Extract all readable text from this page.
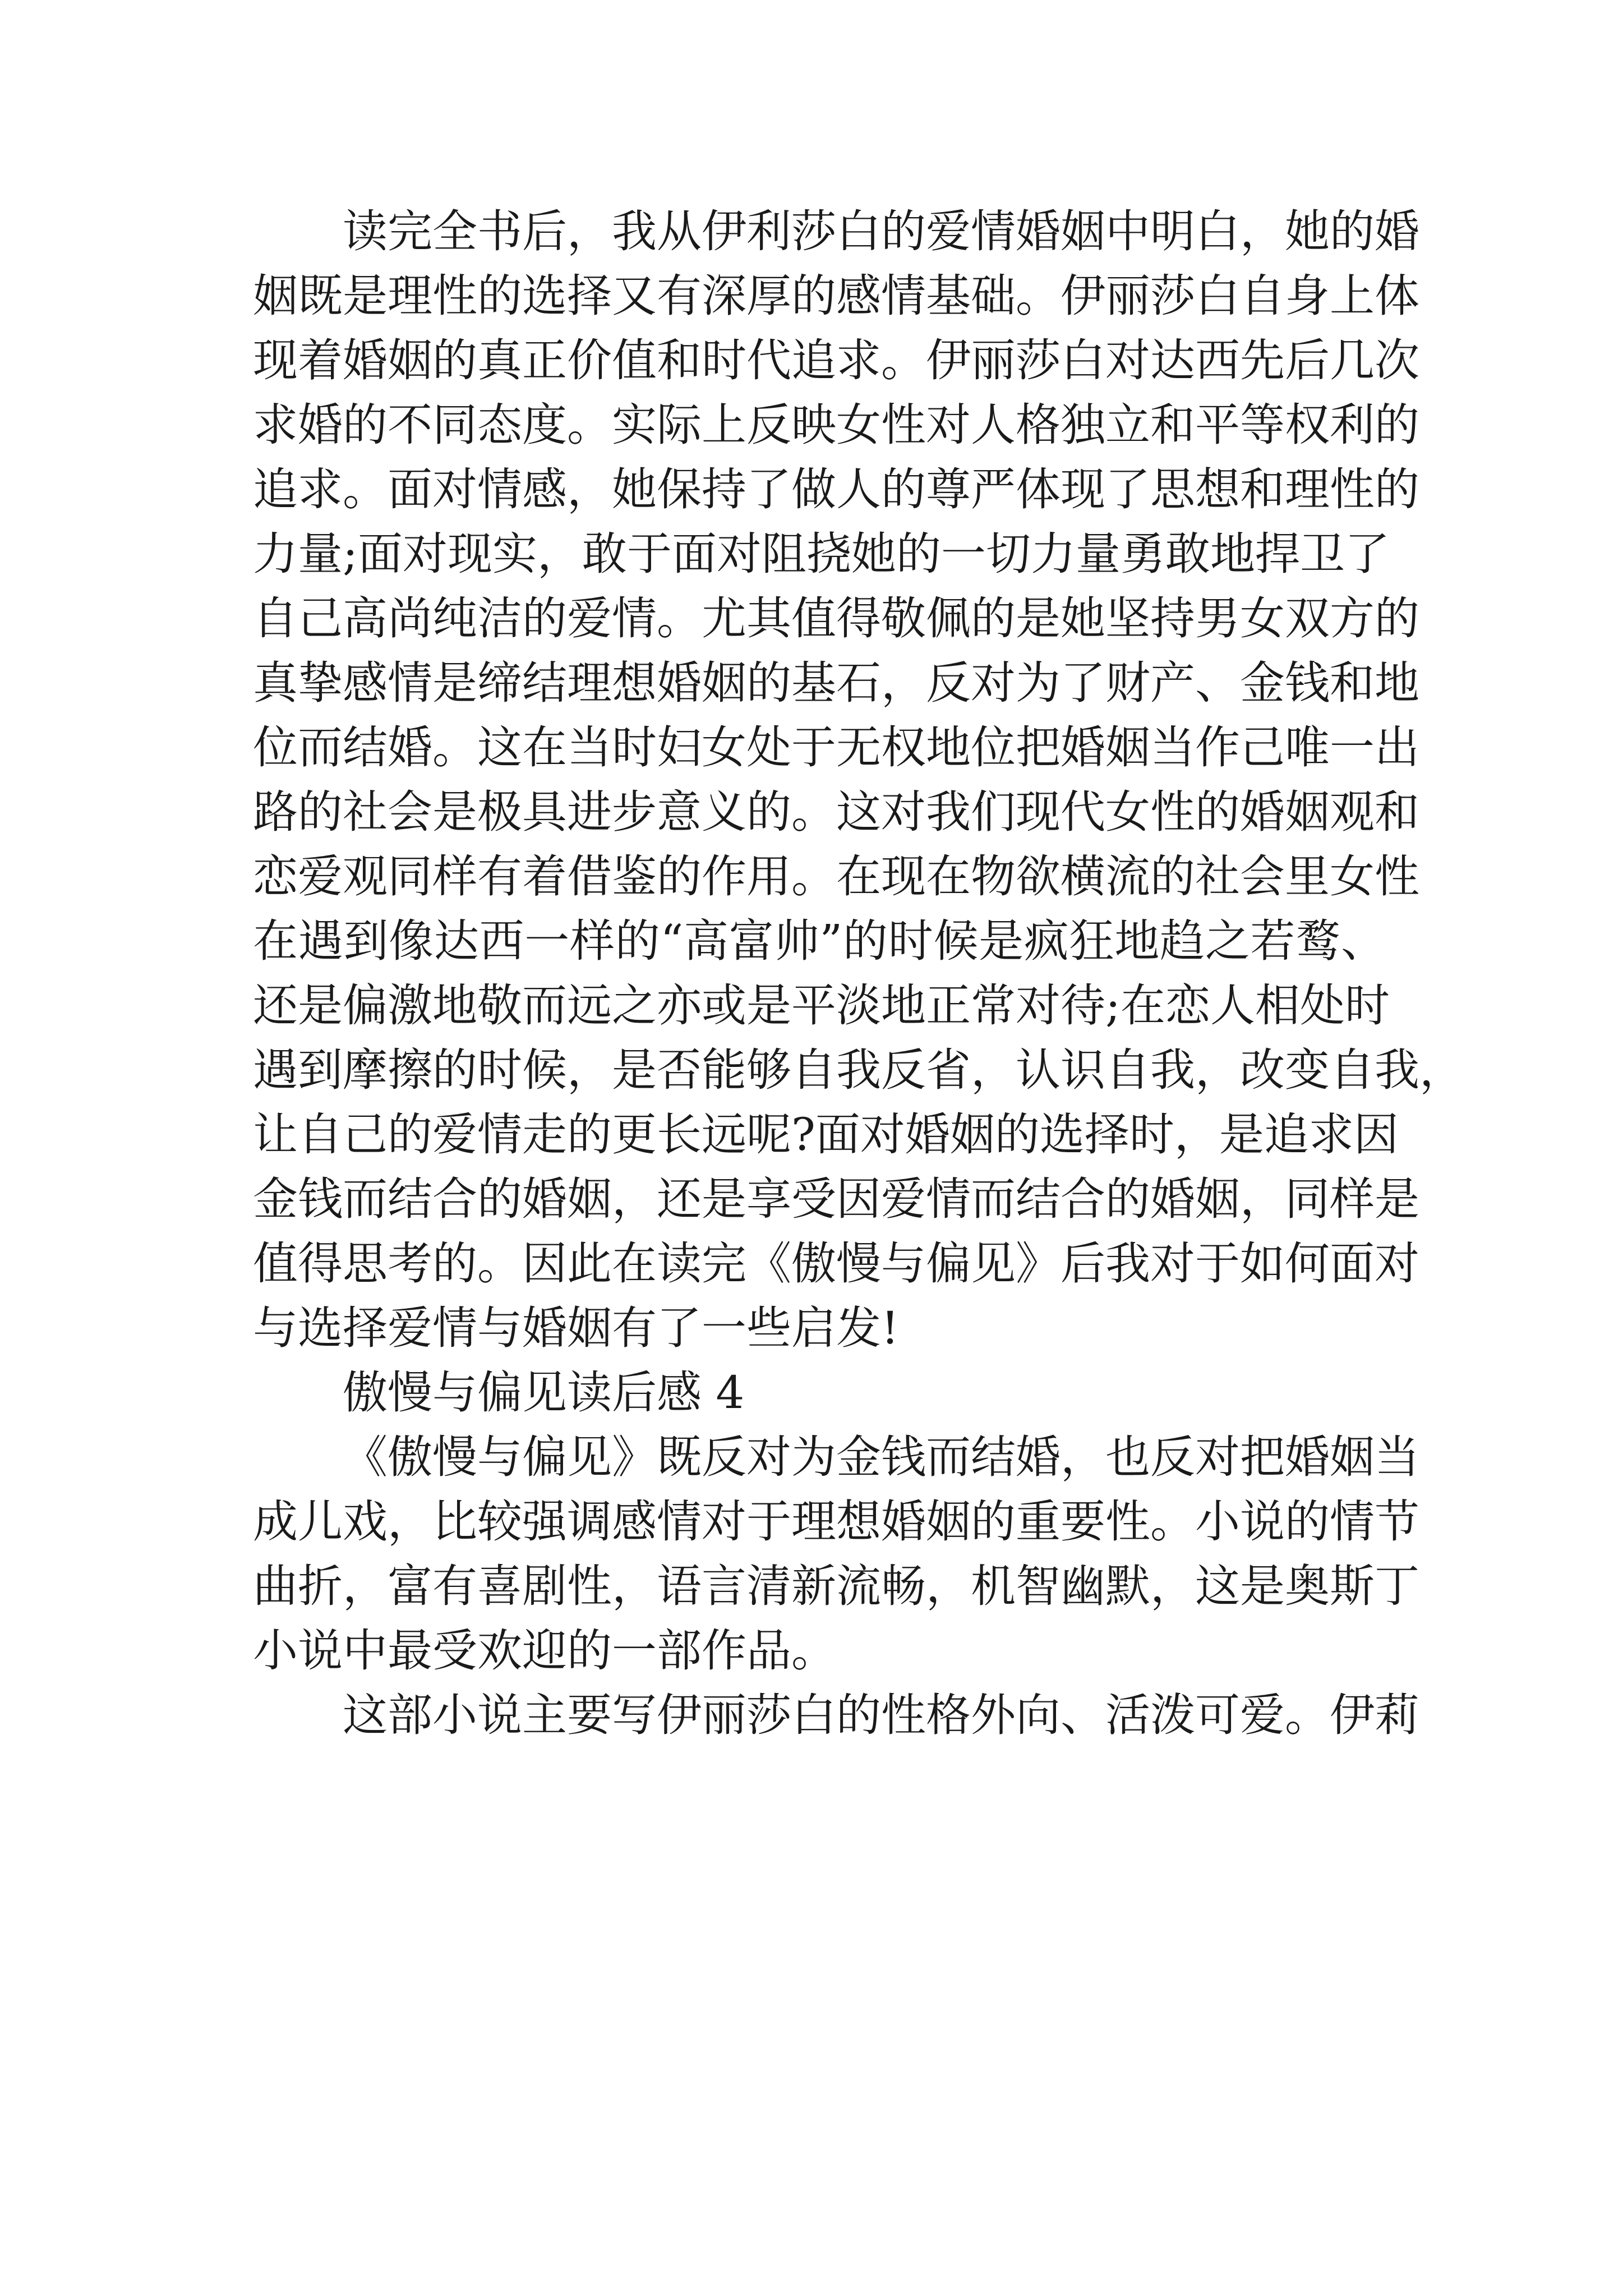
读完全书后，我从伊利莎白的爱情婚姻中明白，她的婚
姻既是理性的选择又有深厚的感情基础。伊丽莎白自身上体
现着婚姻的真正价值和时代追求。伊丽莎白对达西先后几次
求婚的不同态度。实际上反映女性对人格独立和平等权利的
追求。面对情感，她保持了做人的尊严体现了思想和理性的
力量;面对现实，敢于面对阻挠她的一切力量勇敢地捍卫了
自己高尚纯洁的爱情。尤其值得敬佩的是她坚持男女双方的
真挚感情是缔结理想婚姻的基石，反对为了财产、金钱和地
位而结婚。这在当时妇女处于无权地位把婚姻当作己唯一出
路的社会是极具进步意义的。这对我们现代女性的婚姻观和
恋爱观同样有着借鉴的作用。在现在物欲横流的社会里女性
在遇到像达西一样的“高富帅”的时候是疯狂地趋之若鹜、
还是偏激地敬而远之亦或是平淡地正常对待;在恋人相处时
遇到摩擦的时候，是否能够自我反省，认识自我，改变自我，
让自己的爱情走的更长远呢?面对婚姻的选择时，是追求因
金钱而结合的婚姻，还是享受因爱情而结合的婚姻，同样是
值得思考的。因此在读完《傲慢与偏见》后我对于如何面对
与选择爱情与婚姻有了一些启发!
傲慢与偏见读后感 4
《傲慢与偏见》既反对为金钱而结婚，也反对把婚姻当
成儿戏，比较强调感情对于理想婚姻的重要性。小说的情节
曲折，富有喜剧性，语言清新流畅，机智幽默，这是奥斯丁
小说中最受欢迎的一部作品。
这部小说主要写伊丽莎白的性格外向、活泼可爱。伊莉
